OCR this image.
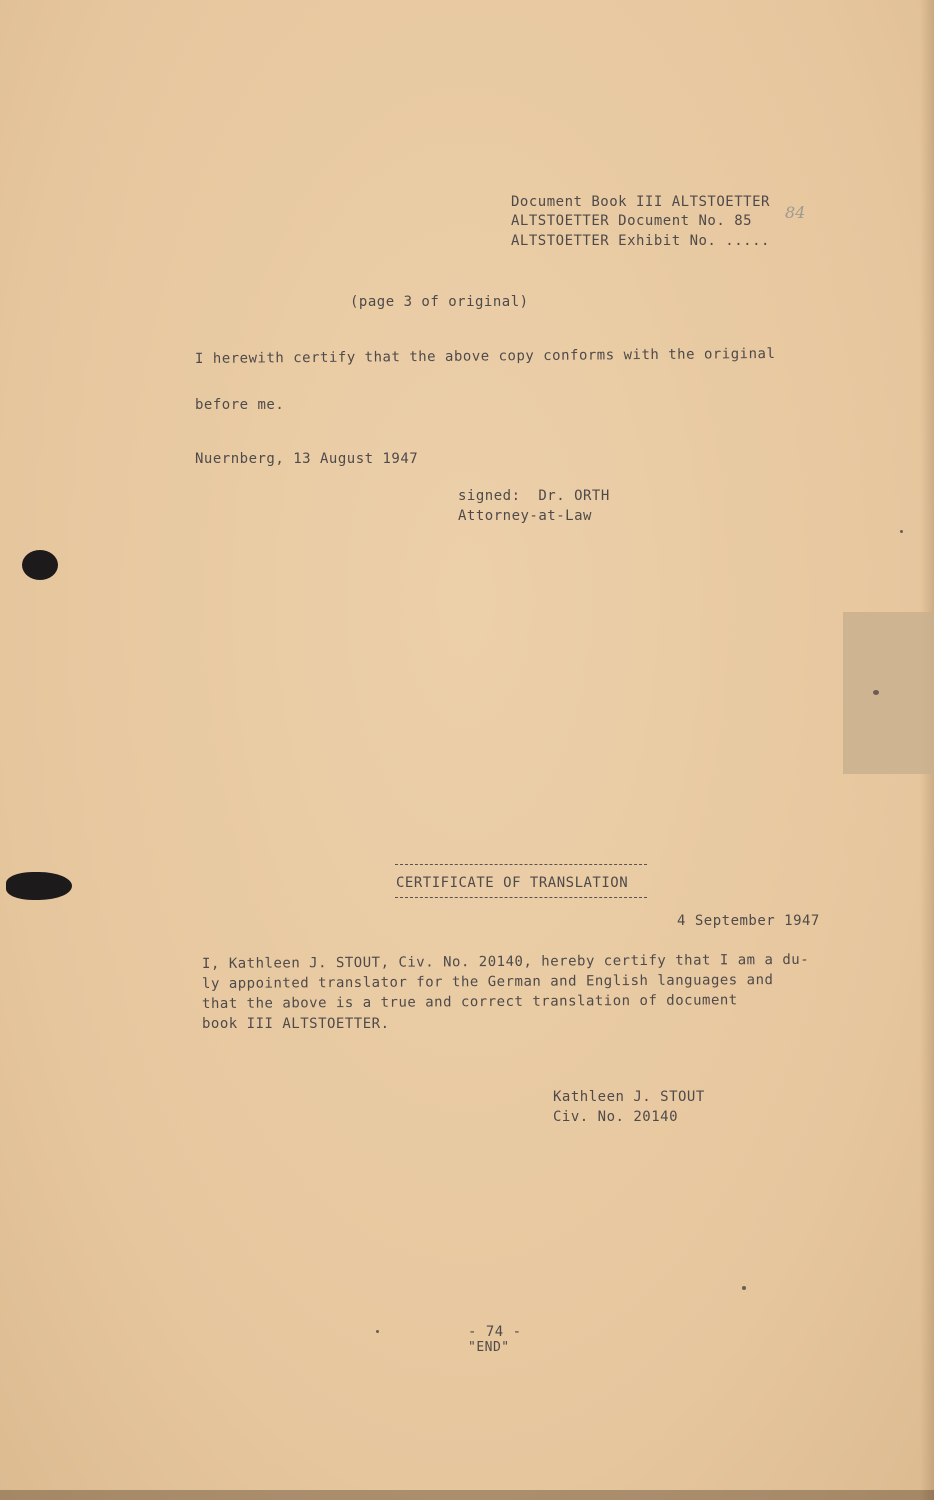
Document Book III ALTSTOETTER
ALTSTOETTER Document No. 85
ALTSTOETTER Exhibit No. .....
84
(page 3 of original)
I herewith certify that the above copy conforms with the original
before me.
Nuernberg, 13 August 1947
signed:  Dr. ORTH
Attorney-at-Law
CERTIFICATE OF TRANSLATION
4 September 1947
I, Kathleen J. STOUT, Civ. No. 20140, hereby certify that I am a du-
ly appointed translator for the German and English languages and
that the above is a true and correct translation of document
book III ALTSTOETTER.
Kathleen J. STOUT
Civ. No. 20140
- 74 -
"END"
